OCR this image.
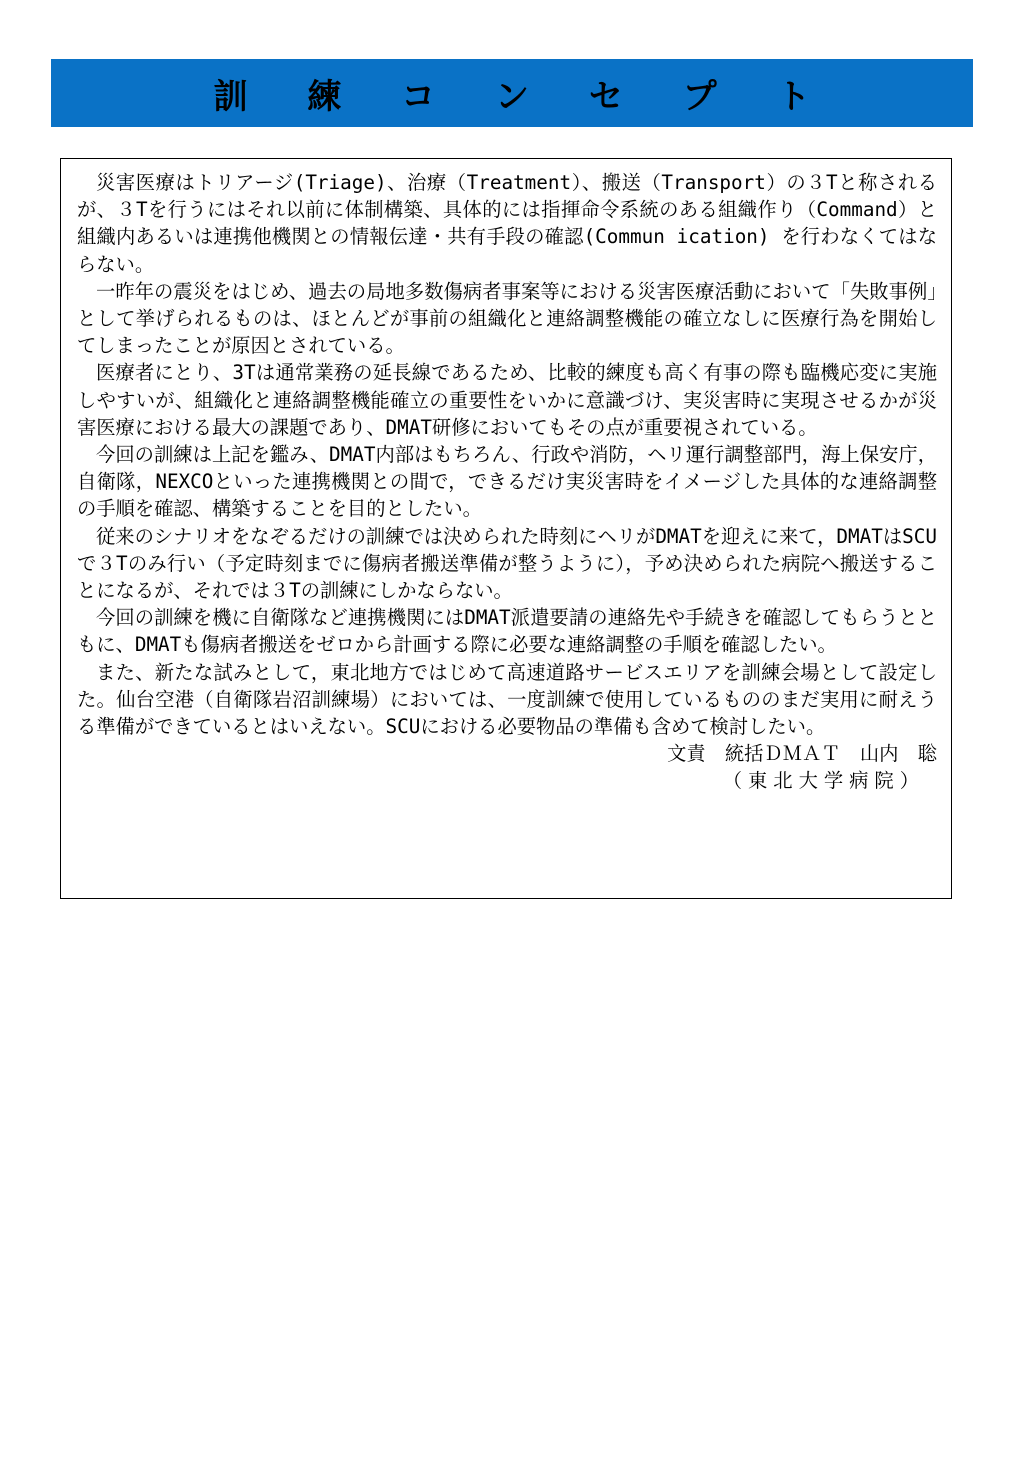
訓 練 コ ン セ プ ト

災害医療はトリアージ(Triage)、治療（Treatment）、搬送（Transport）の３Tと称されるが、３Tを行うにはそれ以前に体制構築、具体的には指揮命令系統のある組織作り（Command）と組織内あるいは連携他機関との情報伝達・共有手段の確認(Commun ication) を行わなくてはならない。

一昨年の震災をはじめ、過去の局地多数傷病者事案等における災害医療活動において「失敗事例」として挙げられるものは、ほとんどが事前の組織化と連絡調整機能の確立なしに医療行為を開始してしまったことが原因とされている。

医療者にとり、3Tは通常業務の延長線であるため、比較的練度も高く有事の際も臨機応変に実施しやすいが、組織化と連絡調整機能確立の重要性をいかに意識づけ、実災害時に実現させるかが災害医療における最大の課題であり、DMAT研修においてもその点が重要視されている。

今回の訓練は上記を鑑み、DMAT内部はもちろん、行政や消防，ヘリ運行調整部門，海上保安庁，自衛隊，NEXCOといった連携機関との間で，できるだけ実災害時をイメージした具体的な連絡調整の手順を確認、構築することを目的としたい。

従来のシナリオをなぞるだけの訓練では決められた時刻にヘリがDMATを迎えに来て，DMATはSCUで３Tのみ行い（予定時刻までに傷病者搬送準備が整うように），予め決められた病院へ搬送することになるが、それでは３Tの訓練にしかならない。

今回の訓練を機に自衛隊など連携機関にはDMAT派遣要請の連絡先や手続きを確認してもらうとともに、DMATも傷病者搬送をゼロから計画する際に必要な連絡調整の手順を確認したい。

また、新たな試みとして，東北地方ではじめて高速道路サービスエリアを訓練会場として設定した。仙台空港（自衛隊岩沼訓練場）においては、一度訓練で使用しているもののまだ実用に耐えうる準備ができているとはいえない。SCUにおける必要物品の準備も含めて検討したい。

文責　統括ＤＭＡＴ　山内　聡
（東北大学病院）
